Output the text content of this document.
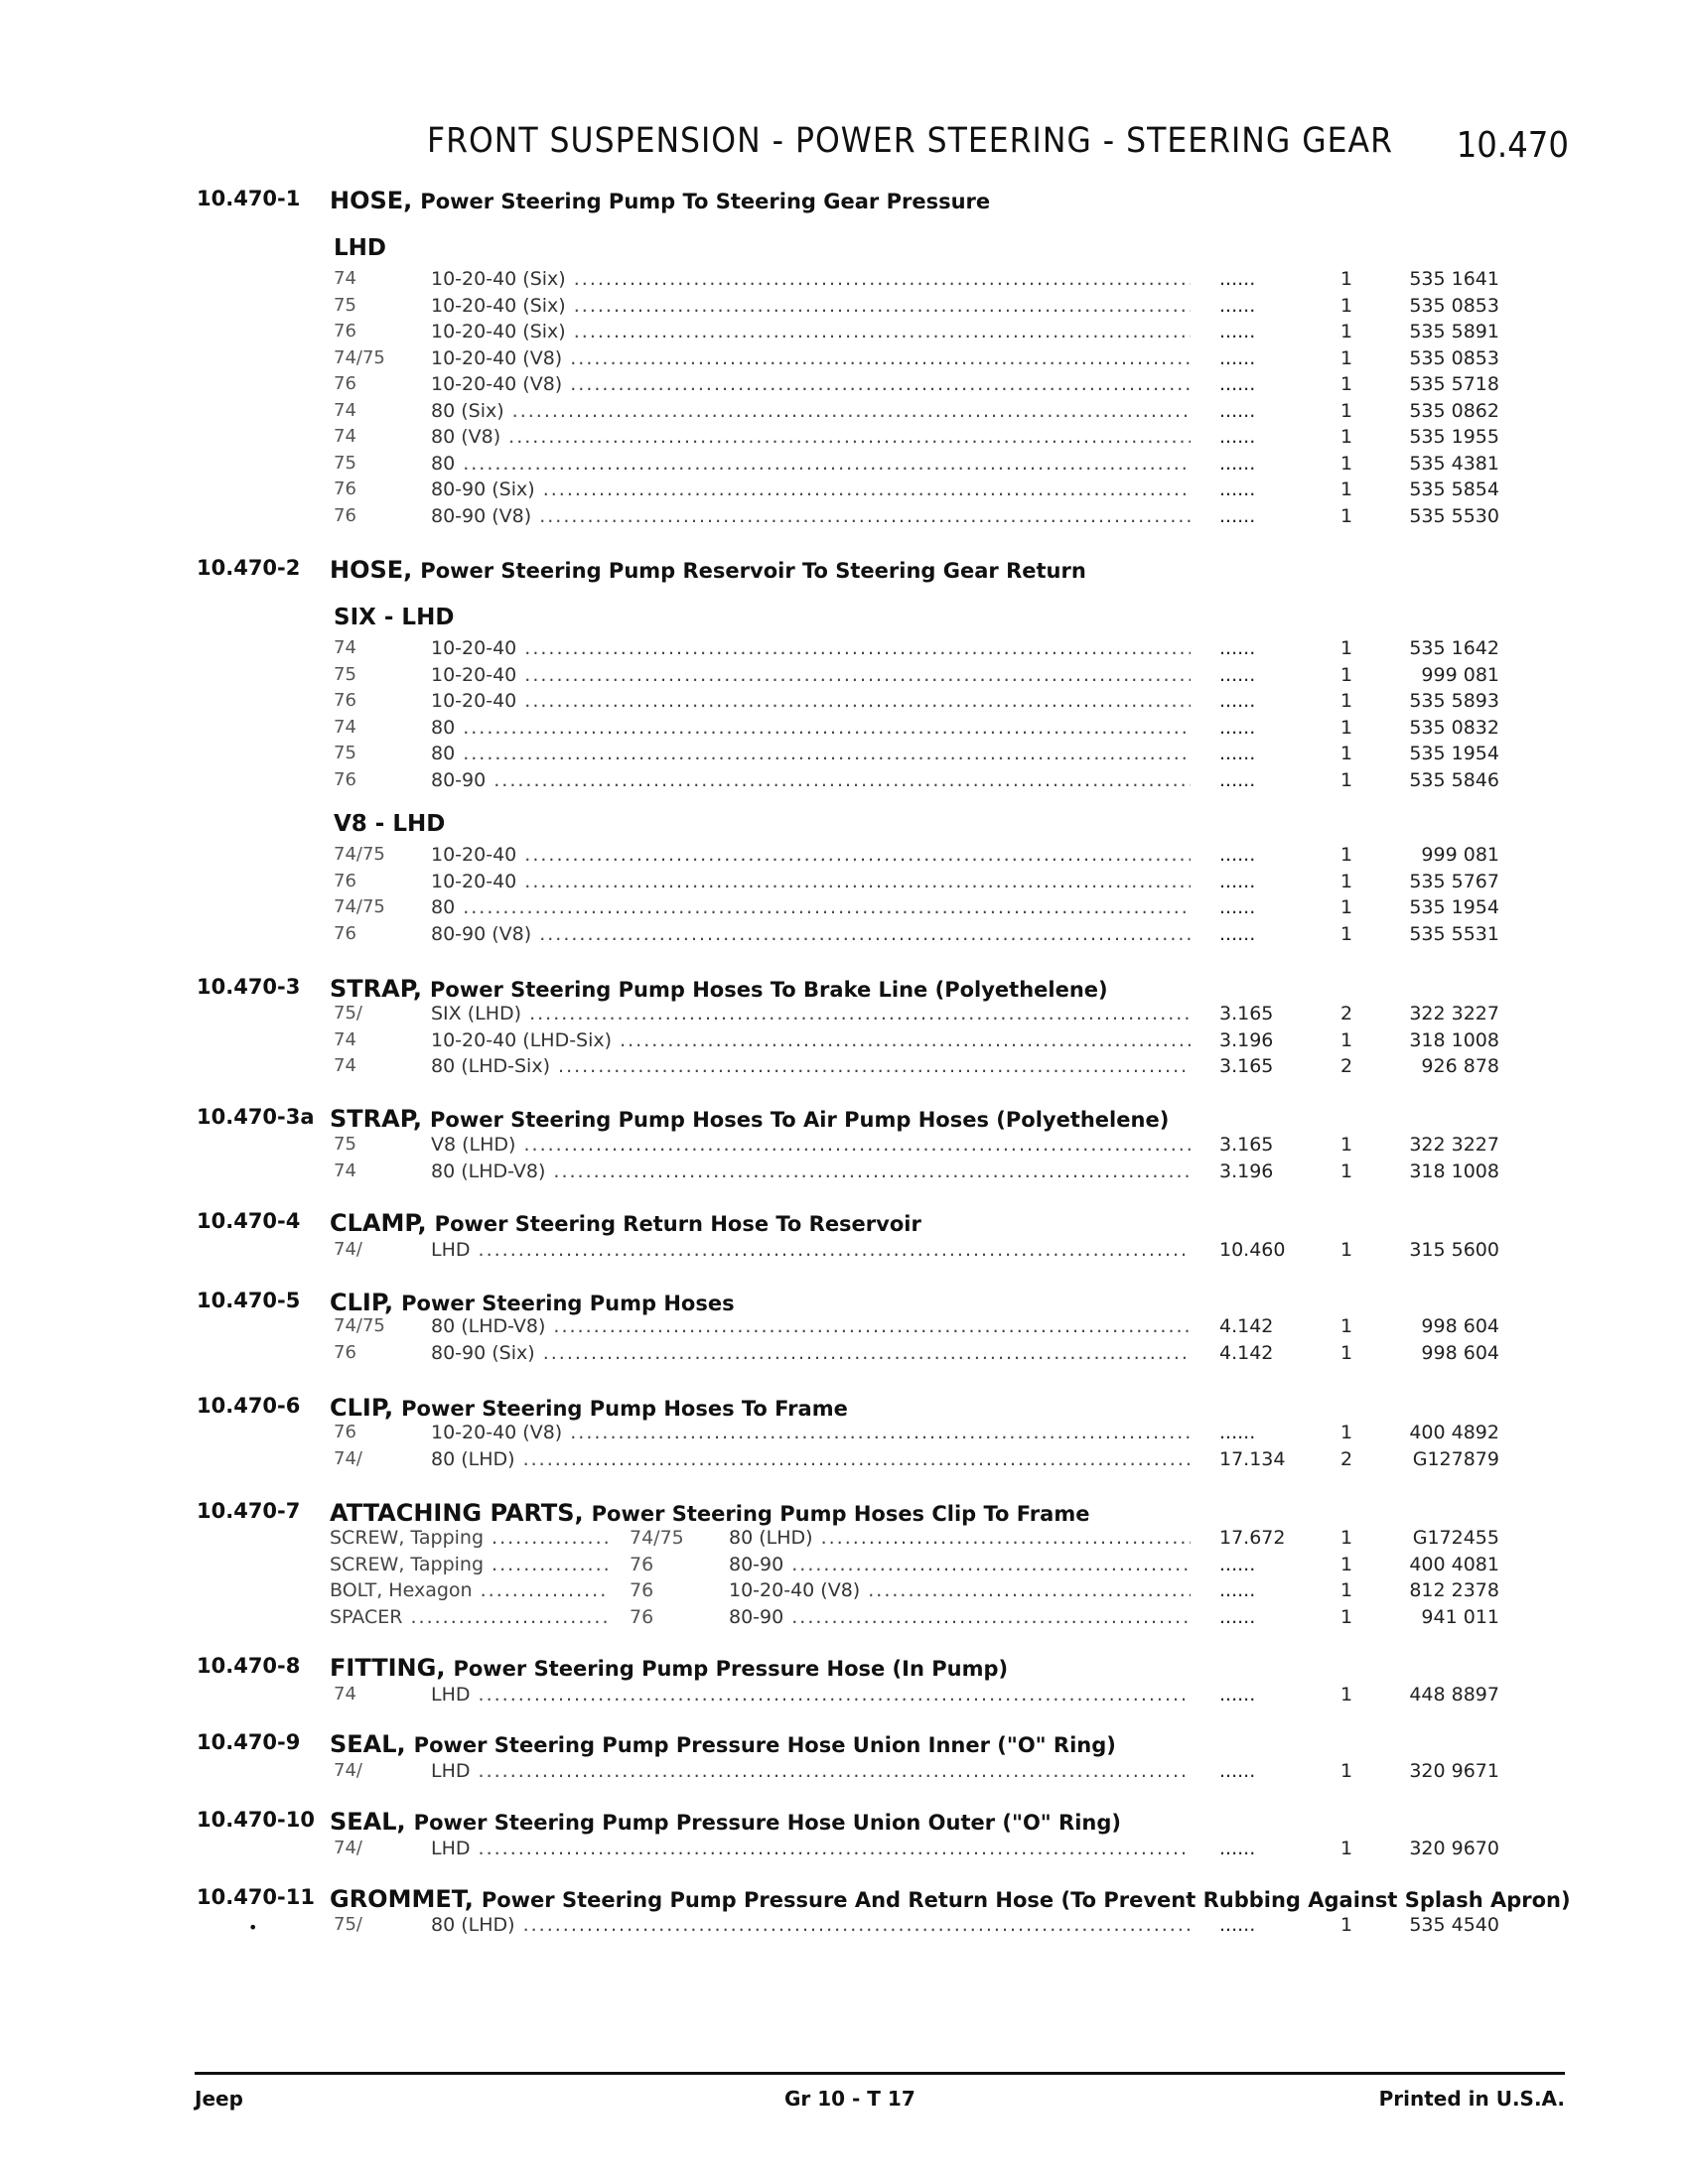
FRONT SUSPENSION - POWER STEERING - STEERING GEAR 10.470
10.470-1 HOSE, Power Steering Pump To Steering Gear Pressure
LHD
74	10-20-40 (Six) .....	......	1	535 1641
75	10-20-40 (Six) .....	......	1	535 0853
76	10-20-40 (Six) .....	......	1	535 5891
74/75 10-20-40 (V8) .....	......	1	535 0853
76	10-20-40 (V8) .....	......	1	535 5718
74	80 (Six) .....	......	1	535 0862
74	80 (V8) .....	......	1	535 1955
75	80 .....	......	1	535 4381
76	80-90 (Six) .....	......	1	535 5854
76	80-90 (V8) .....	......	1	535 5530
10.470-2 HOSE, Power Steering Pump Reservoir To Steering Gear Return
SIX - LHD
74	10-20-40 .....	......	1	535 1642
75	10-20-40 .....	......	1	999 081
76	10-20-40 .....	......	1	535 5893
74	80 .....	......	1	535 0832
75	80 .....	......	1	535 1954
76	80-90 .....	......	1	535 5846
V8 - LHD
74/75 10-20-40 .....	......	1	999 081
76	10-20-40 .....	......	1	535 5767
74/75 80 .....	......	1	535 1954
76	80-90 (V8) .....	......	1	535 5531
10.470-3 STRAP, Power Steering Pump Hoses To Brake Line (Polyethelene)
75/	SIX (LHD) .....	3.165	2	322 3227
74	10-20-40 (LHD-Six) .....	3.196	1	318 1008
74	80 (LHD-Six) .....	3.165	2	926 878
10.470-3a STRAP, Power Steering Pump Hoses To Air Pump Hoses (Polyethelene)
75	V8 (LHD) .....	3.165	1	322 3227
74	80 (LHD-V8) .....	3.196	1	318 1008
10.470-4 CLAMP, Power Steering Return Hose To Reservoir
74/	LHD .....	10.460	1	315 5600
10.470-5 CLIP, Power Steering Pump Hoses
74/75 80 (LHD-V8) .....	4.142	1	998 604
76	80-90 (Six) .....	4.142	1	998 604
10.470-6 CLIP, Power Steering Pump Hoses To Frame
76	10-20-40 (V8) .....	......	1	400 4892
74/	80 (LHD) .....	17.134	2	G127879
10.470-7 ATTACHING PARTS, Power Steering Pump Hoses Clip To Frame
SCREW, Tapping .....	74/75 80 (LHD) .....	17.672	1	G172455
SCREW, Tapping .....	76	80-90 .....	......	1	400 4081
BOLT, Hexagon .....	76	10-20-40 (V8) .....	......	1	812 2378
SPACER .....	76	80-90 .....	......	1	941 011
10.470-8 FITTING, Power Steering Pump Pressure Hose (In Pump)
74	LHD .....	......	1	448 8897
10.470-9 SEAL, Power Steering Pump Pressure Hose Union Inner ("O" Ring)
74/	LHD .....	......	1	320 9671
10.470-10 SEAL, Power Steering Pump Pressure Hose Union Outer ("O" Ring)
74/	LHD .....	......	1	320 9670
10.470-11 GROMMET, Power Steering Pump Pressure And Return Hose (To Prevent Rubbing Against Splash Apron)
75/	80 (LHD) .....	......	1	535 4540
•
Jeep	Gr 10 - T 17	Printed in U.S.A.
